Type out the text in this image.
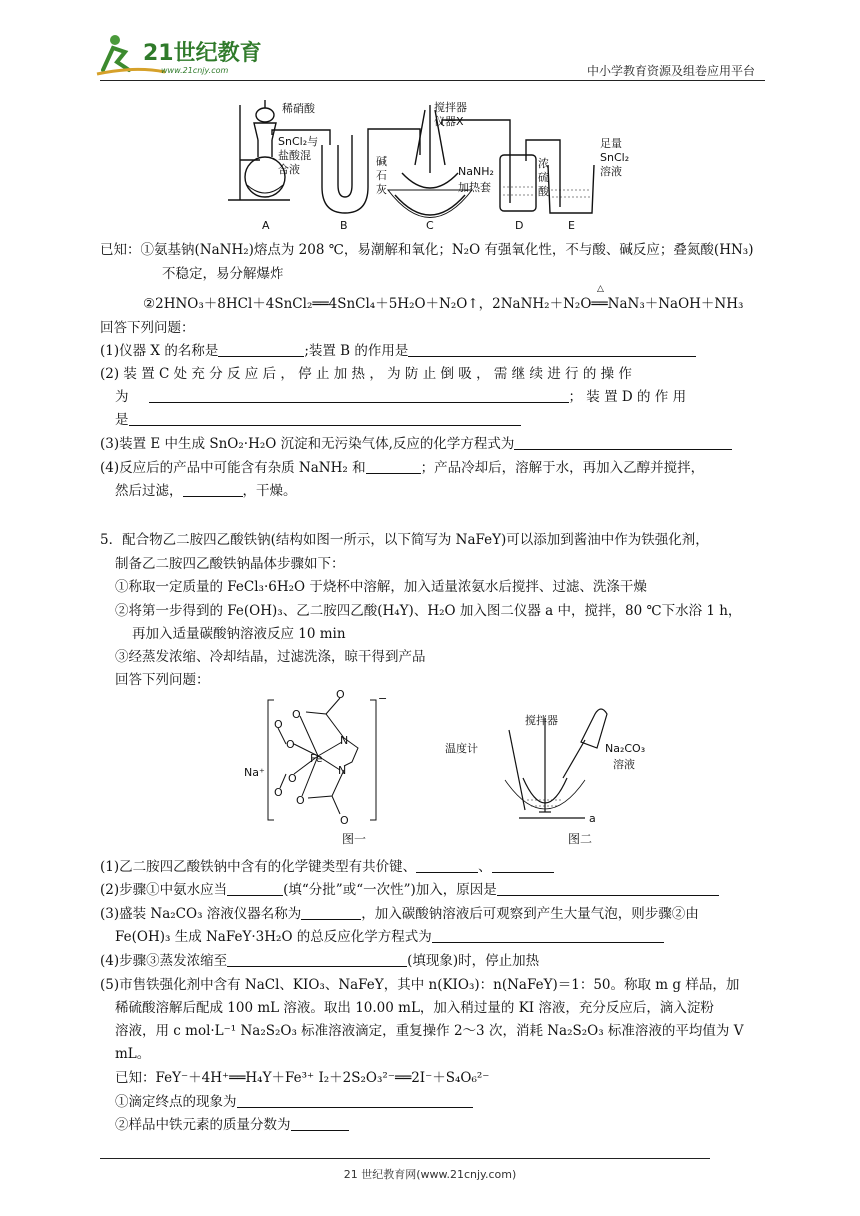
21世纪教育
www.21cnjy.com	中小学教育资源及组卷应用平台
稀硝酸
SnCl₂与
盐酸混
合液
碱
石
灰
搅拌器
仪器X
NaNH₂
加热套
浓
硫
酸
足量
SnCl₂
溶液
A	B	C	D	E
已知：①氨基钠(NaNH₂)熔点为 208 ℃，易潮解和氧化；N₂O 有强氧化性，不与酸、碱反应；叠氮酸(HN₃)
不稳定，易分解爆炸
②2HNO₃＋8HCl＋4SnCl₂══4SnCl₄＋5H₂O＋N₂O↑，2NaNH₂＋N₂O══NaN₃＋NaOH＋NH₃
△
回答下列问题：
(1)仪器 X 的名称是	;装置 B 的作用是
(2) 装 置 C 处 充 分 反 应 后 ， 停 止 加 热 ， 为 防 止 倒 吸 ， 需 继 续 进 行 的 操 作
为	； 装 置 D 的 作 用
是
(3)装置 E 中生成 SnO₂·H₂O 沉淀和无污染气体,反应的化学方程式为
(4)反应后的产品中可能含有杂质 NaNH₂ 和	；产品冷却后，溶解于水，再加入乙醇并搅拌，
然后过滤，	，干燥。
5．配合物乙二胺四乙酸铁钠(结构如图一所示，以下简写为 NaFeY)可以添加到酱油中作为铁强化剂，
制备乙二胺四乙酸铁钠晶体步骤如下：
①称取一定质量的 FeCl₃·6H₂O 于烧杯中溶解，加入适量浓氨水后搅拌、过滤、洗涤干燥
②将第一步得到的 Fe(OH)₃、乙二胺四乙酸(H₄Y)、H₂O 加入图二仪器 a 中，搅拌，80 ℃下水浴 1 h，
再加入适量碳酸钠溶液反应 10 min
③经蒸发浓缩、冷却结晶，过滤洗涤，晾干得到产品
回答下列问题：
O
O
O
O
O
O
O
O
Fe
N
N
−
Na⁺
图一
温度计
搅拌器
Na₂CO₃
溶液
a
图二
(1)乙二胺四乙酸铁钠中含有的化学键类型有共价键、	、
(2)步骤①中氨水应当	(填“分批”或“一次性”)加入，原因是
(3)盛装 Na₂CO₃ 溶液仪器名称为	，加入碳酸钠溶液后可观察到产生大量气泡，则步骤②由
Fe(OH)₃ 生成 NaFeY·3H₂O 的总反应化学方程式为
(4)步骤③蒸发浓缩至	(填现象)时，停止加热
(5)市售铁强化剂中含有 NaCl、KIO₃、NaFeY，其中 n(KIO₃)：n(NaFeY)＝1：50。称取 m g 样品，加
稀硫酸溶解后配成 100 mL 溶液。取出 10.00 mL，加入稍过量的 KI 溶液，充分反应后，滴入淀粉
溶液，用 c mol·L⁻¹ Na₂S₂O₃ 标准溶液滴定，重复操作 2～3 次，消耗 Na₂S₂O₃ 标准溶液的平均值为 V
mL。
已知：FeY⁻＋4H⁺══H₄Y＋Fe³⁺ I₂＋2S₂O₃²⁻══2I⁻＋S₄O₆²⁻
①滴定终点的现象为
②样品中铁元素的质量分数为
21 世纪教育网(www.21cnjy.com)
